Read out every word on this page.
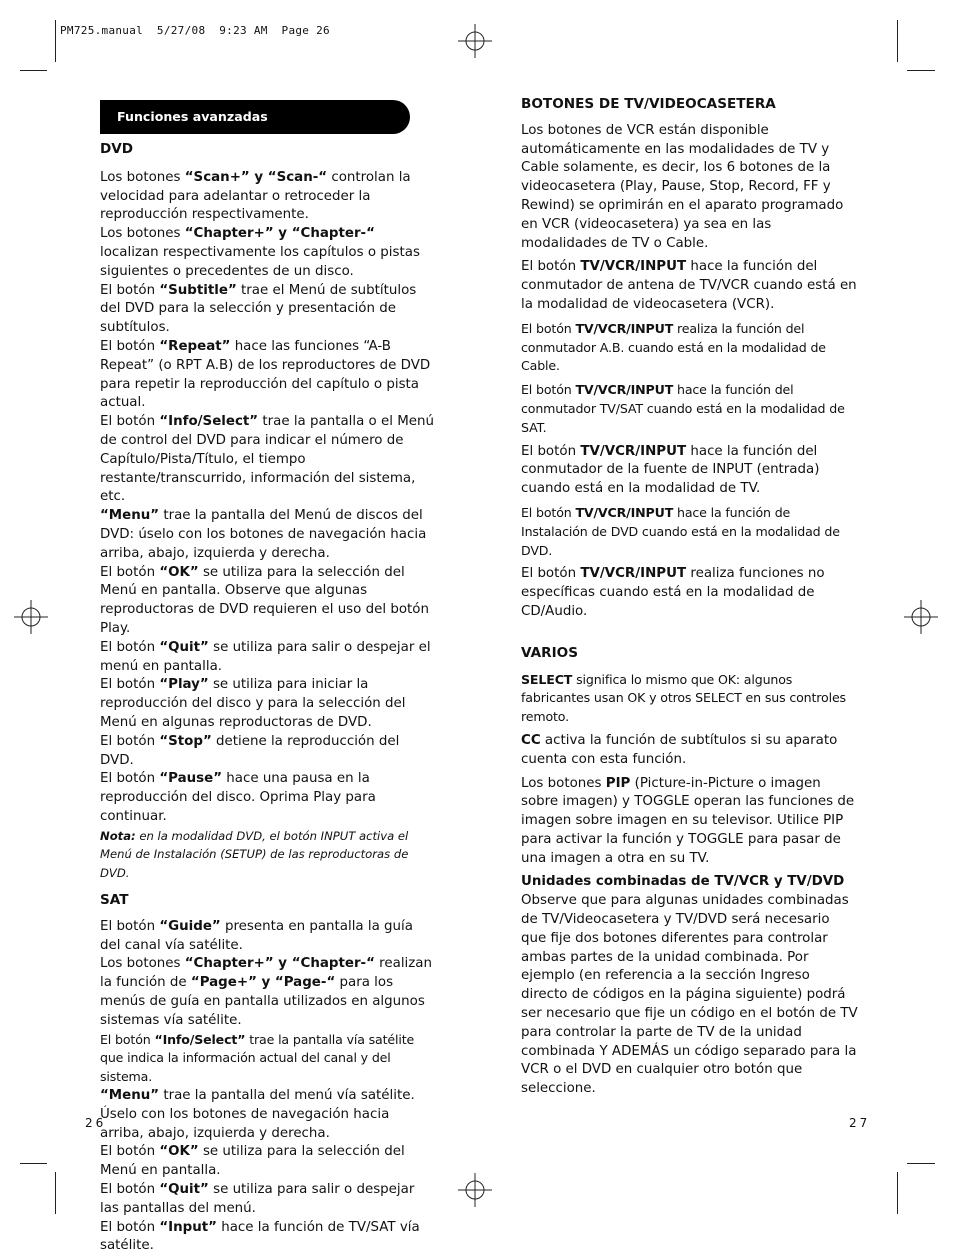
PM725.manual  5/27/08  9:23 AM  Page 26
Funciones avanzadas
DVD

Los botones “Scan+” y “Scan-“ controlan la velocidad para adelantar o retroceder la reproducción respectivamente.

Los botones “Chapter+” y “Chapter-“ localizan respectivamente los capítulos o pistas siguientes o precedentes de un disco.

El botón “Subtitle” trae el Menú de subtítulos del DVD para la selección y presentación de subtítulos.

El botón “Repeat” hace las funciones “A-B Repeat” (o RPT A.B) de los reproductores de DVD para repetir la reproducción del capítulo o pista actual.

El botón “Info/Select” trae la pantalla o el Menú de control del DVD para indicar el número de Capítulo/Pista/Título, el tiempo restante/transcurrido, información del sistema, etc.

“Menu” trae la pantalla del Menú de discos del DVD: úselo con los botones de navegación hacia arriba, abajo, izquierda y derecha.

El botón “OK” se utiliza para la selección del Menú en pantalla. Observe que algunas reproductoras de DVD requieren el uso del botón Play.

El botón “Quit” se utiliza para salir o despejar el menú en pantalla.

El botón “Play” se utiliza para iniciar la reproducción del disco y para la selección del Menú en algunas reproductoras de DVD.

El botón “Stop” detiene la reproducción del DVD.

El botón “Pause” hace una pausa en la reproducción del disco. Oprima Play para continuar.

Nota: en la modalidad DVD, el botón INPUT activa el Menú de Instalación (SETUP) de las reproductoras de DVD.

SAT

El botón “Guide” presenta en pantalla la guía del canal vía satélite.

Los botones “Chapter+” y “Chapter-“ realizan la función de “Page+” y “Page-“ para los menús de guía en pantalla utilizados en algunos sistemas vía satélite.

El botón “Info/Select” trae la pantalla vía satélite que indica la información actual del canal y del sistema.

“Menu” trae la pantalla del menú vía satélite. Úselo con los botones de navegación hacia arriba, abajo, izquierda y derecha.

El botón “OK” se utiliza para la selección del Menú en pantalla.

El botón “Quit” se utiliza para salir o despejar las pantallas del menú.

El botón “Input” hace la función de TV/SAT vía satélite.

BOTONES DE TV/VIDEOCASETERA

Los botones de VCR están disponible automáticamente en las modalidades de TV y Cable solamente, es decir, los 6 botones de la videocasetera (Play, Pause, Stop, Record, FF y Rewind) se oprimirán en el aparato programado en VCR (videocasetera) ya sea en las modalidades de TV o Cable.

El botón TV/VCR/INPUT hace la función del conmutador de antena de TV/VCR cuando está en la modalidad de videocasetera (VCR).

El botón TV/VCR/INPUT realiza la función del conmutador A.B. cuando está en la modalidad de Cable.

El botón TV/VCR/INPUT hace la función del conmutador TV/SAT cuando está en la modalidad de SAT.

El botón TV/VCR/INPUT hace la función del conmutador de la fuente de INPUT (entrada) cuando está en la modalidad de TV.

El botón TV/VCR/INPUT hace la función de Instalación de DVD cuando está en la modalidad de DVD.

El botón TV/VCR/INPUT realiza funciones no específicas cuando está en la modalidad de CD/Audio.

VARIOS

SELECT significa lo mismo que OK: algunos fabricantes usan OK y otros SELECT en sus controles remoto.

CC activa la función de subtítulos si su aparato cuenta con esta función.

Los botones PIP (Picture-in-Picture o imagen sobre imagen) y TOGGLE operan las funciones de imagen sobre imagen en su televisor. Utilice PIP para activar la función y TOGGLE para pasar de una imagen a otra en su TV.

Unidades combinadas de TV/VCR y TV/DVD

Observe que para algunas unidades combinadas de TV/Videocasetera y TV/DVD será necesario que fije dos botones diferentes para controlar ambas partes de la unidad combinada. Por ejemplo (en referencia a la sección Ingreso directo de códigos en la página siguiente) podrá ser necesario que fije un código en el botón de TV para controlar la parte de TV de la unidad combinada Y ADEMÁS un código separado para la VCR o el DVD en cualquier otro botón que seleccione.

26	27
